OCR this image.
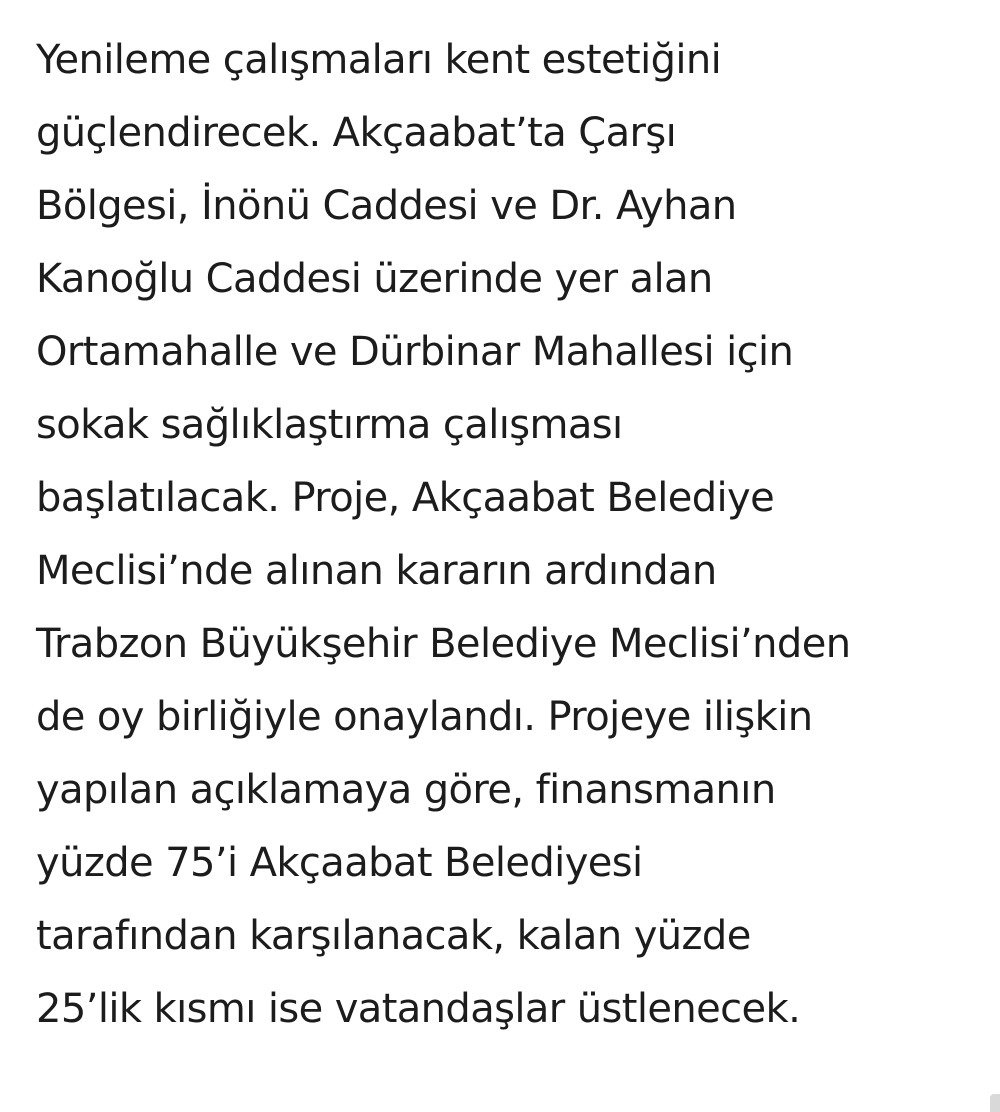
Yenileme çalışmaları kent estetiğini
güçlendirecek. Akçaabat’ta Çarşı
Bölgesi, İnönü Caddesi ve Dr. Ayhan
Kanoğlu Caddesi üzerinde yer alan
Ortamahalle ve Dürbinar Mahallesi için
sokak sağlıklaştırma çalışması
başlatılacak. Proje, Akçaabat Belediye
Meclisi’nde alınan kararın ardından
Trabzon Büyükşehir Belediye Meclisi’nden
de oy birliğiyle onaylandı. Projeye ilişkin
yapılan açıklamaya göre, finansmanın
yüzde 75’i Akçaabat Belediyesi
tarafından karşılanacak, kalan yüzde
25’lik kısmı ise vatandaşlar üstlenecek.
